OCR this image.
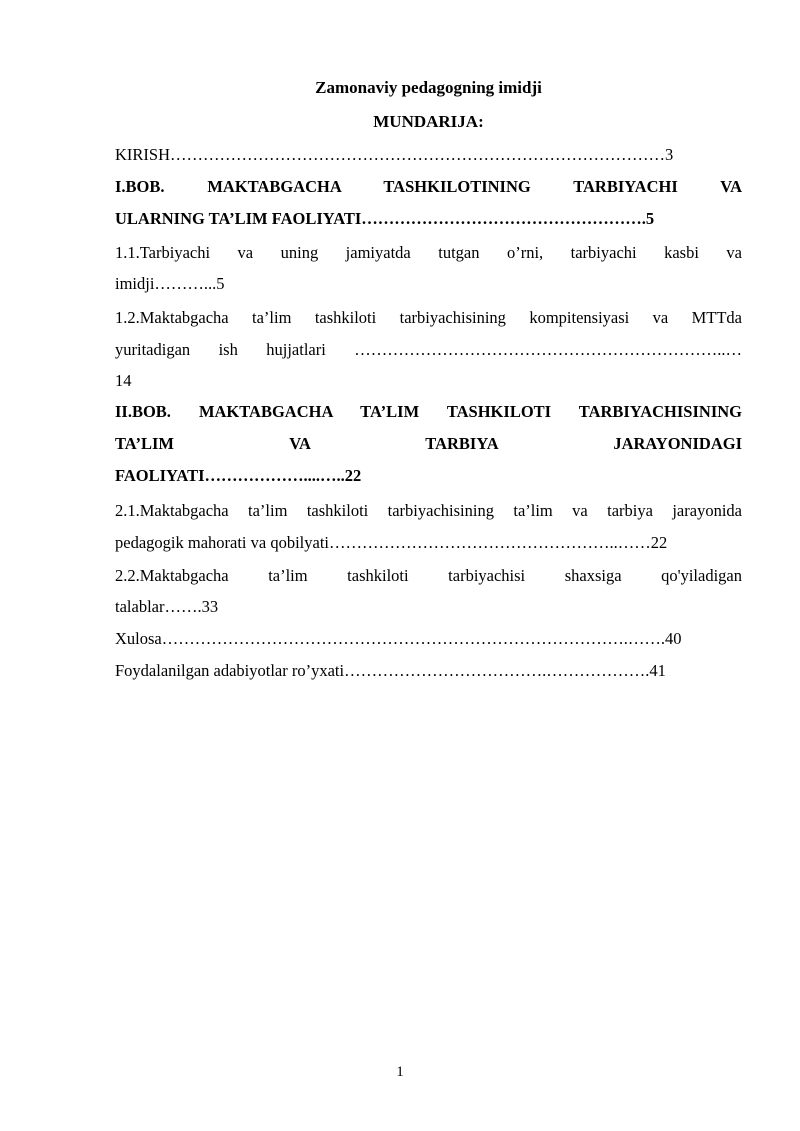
Zamonaviy pedagogning imidji
MUNDARIJA:
KIRISH………………………………………………………………………………3
I.BOB. MAKTABGACHA TASHKILOTINING TARBIYACHI VA
ULARNING TA’LIM FAOLIYATI…………………………………………….5
1.1.Tarbiyachi va uning jamiyatda tutgan o’rni, tarbiyachi kasbi va
imidji………...5
1.2.Maktabgacha ta’lim tashkiloti tarbiyachisining kompitensiyasi va MTTda
yuritadigan ish hujjatlari …………………………………………………………..…
14
II.BOB. MAKTABGACHA TA’LIM TASHKILOTI TARBIYACHISINING
TA’LIM VA TARBIYA JARAYONIDAGI
FAOLIYATI………………....…..22
2.1.Maktabgacha ta’lim tashkiloti tarbiyachisining ta’lim va tarbiya jarayonida
pedagogik mahorati va qobilyati……………………………………………..……22
2.2.Maktabgacha ta’lim tashkiloti tarbiyachisi shaxsiga qo'yiladigan
talablar…….33
Xulosa………………………………………………………………………….…….40
Foydalanilgan adabiyotlar ro’yxati……………………………….……………….41
1
